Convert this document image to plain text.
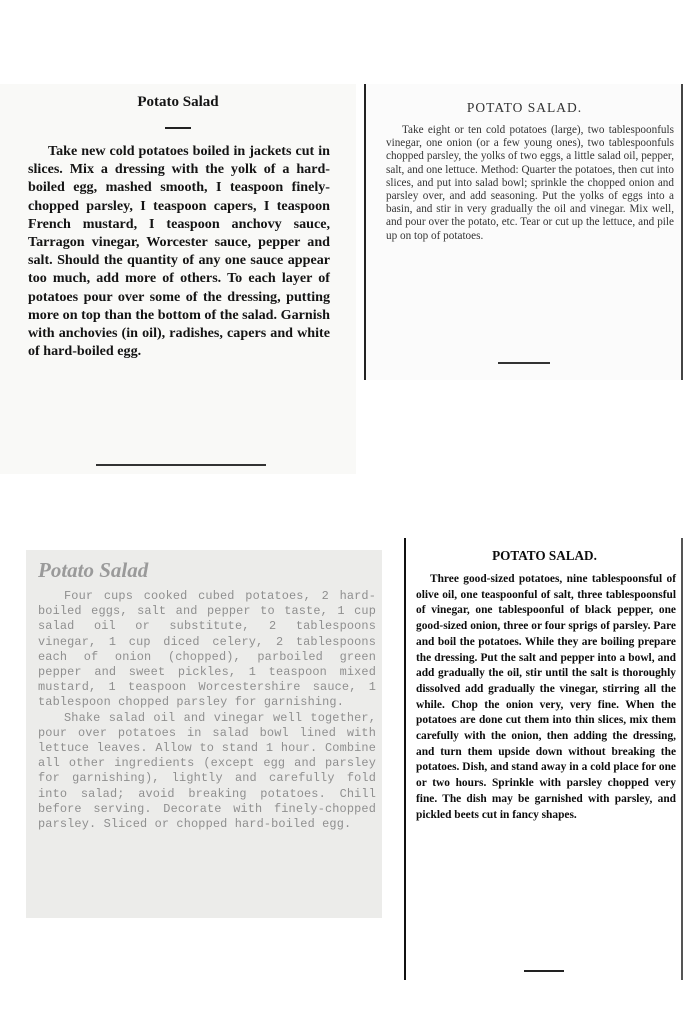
Potato Salad

Take new cold potatoes boiled in jackets cut in slices. Mix a dressing with the yolk of a hard-boiled egg, mashed smooth, I teaspoon finely-chopped parsley, I teaspoon capers, I teaspoon French mustard, I teaspoon anchovy sauce, Tarragon vinegar, Worcester sauce, pepper and salt. Should the quantity of any one sauce appear too much, add more of others. To each layer of potatoes pour over some of the dressing, putting more on top than the bottom of the salad. Garnish with anchovies (in oil), radishes, capers and white of hard-boiled egg.

POTATO SALAD.

Take eight or ten cold potatoes (large), two tablespoonfuls vinegar, one onion (or a few young ones), two tablespoonfuls chopped parsley, the yolks of two eggs, a little salad oil, pepper, salt, and one lettuce. Method: Quarter the potatoes, then cut into slices, and put into salad bowl; sprinkle the chopped onion and parsley over, and add seasoning. Put the yolks of eggs into a basin, and stir in very gradually the oil and vinegar. Mix well, and pour over the potato, etc. Tear or cut up the lettuce, and pile up on top of potatoes.

Potato Salad

Four cups cooked cubed potatoes, 2 hard-boiled eggs, salt and pepper to taste, 1 cup salad oil or substitute, 2 tablespoons vinegar, 1 cup diced celery, 2 tablespoons each of onion (chopped), parboiled green pepper and sweet pickles, 1 teaspoon mixed mustard, 1 teaspoon Worcestershire sauce, 1 tablespoon chopped parsley for garnishing.

Shake salad oil and vinegar well together, pour over potatoes in salad bowl lined with lettuce leaves. Allow to stand 1 hour. Combine all other ingredients (except egg and parsley for garnishing), lightly and carefully fold into salad; avoid breaking potatoes. Chill before serving. Decorate with finely-chopped parsley. Sliced or chopped hard-boiled egg.

POTATO SALAD.

Three good-sized potatoes, nine tablespoonsful of olive oil, one teaspoonful of salt, three tablespoonsful of vinegar, one tablespoonful of black pepper, one good-sized onion, three or four sprigs of parsley. Pare and boil the potatoes. While they are boiling prepare the dressing. Put the salt and pepper into a bowl, and add gradually the oil, stir until the salt is thoroughly dissolved add gradually the vinegar, stirring all the while. Chop the onion very, very fine. When the potatoes are done cut them into thin slices, mix them carefully with the onion, then adding the dressing, and turn them upside down without breaking the potatoes. Dish, and stand away in a cold place for one or two hours. Sprinkle with parsley chopped very fine. The dish may be garnished with parsley, and pickled beets cut in fancy shapes.
